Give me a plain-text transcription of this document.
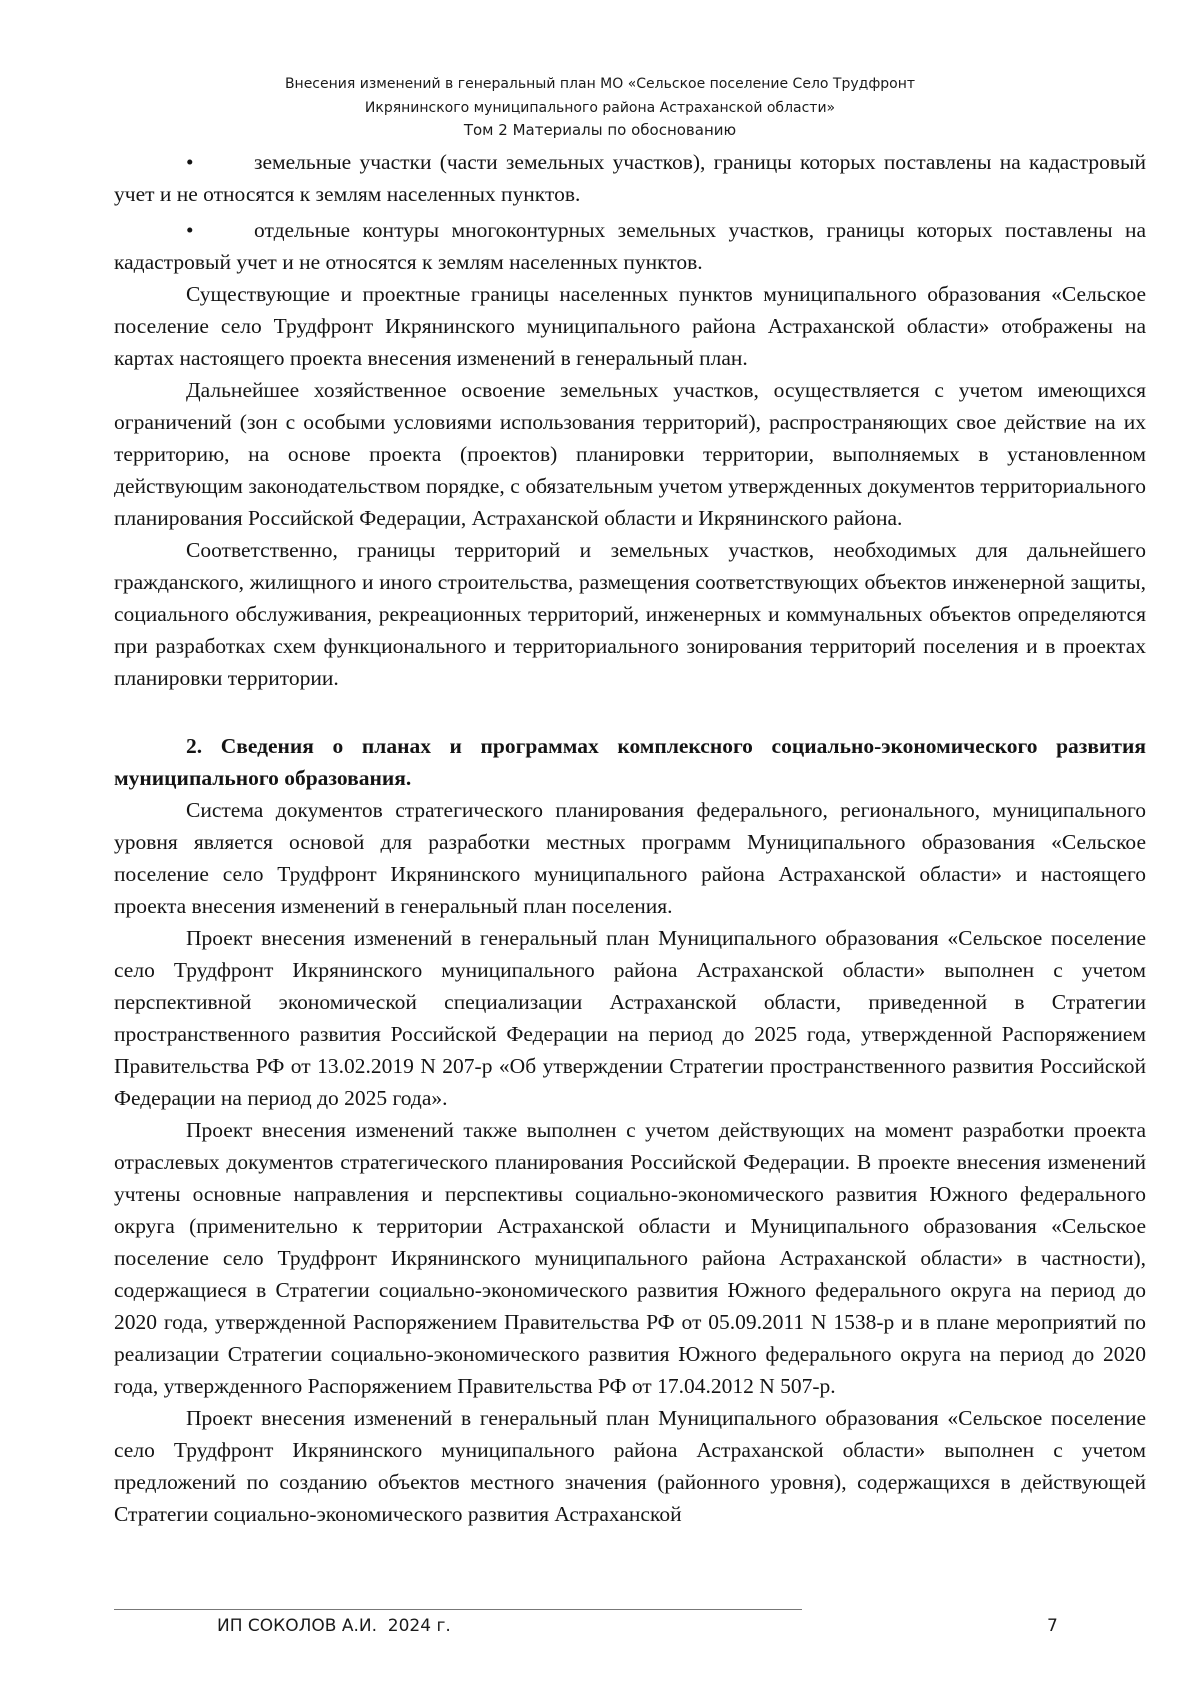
Внесения изменений в генеральный план МО «Сельское поселение Село Трудфронт
Икрянинского муниципального района Астраханской области»
Том 2 Материалы по обоснованию

•	земельные участки (части земельных участков), границы которых поставлены на кадастровый учет и не относятся к землям населенных пунктов.

•	отдельные контуры многоконтурных земельных участков, границы которых поставлены на кадастровый учет и не относятся к землям населенных пунктов.

Существующие и проектные границы населенных пунктов муниципального образования «Сельское поселение село Трудфронт Икрянинского муниципального района Астраханской области» отображены на картах настоящего проекта внесения изменений в генеральный план.

Дальнейшее хозяйственное освоение земельных участков, осуществляется с учетом имеющихся ограничений (зон с особыми условиями использования территорий), распространяющих свое действие на их территорию, на основе проекта (проектов) планировки территории, выполняемых в установленном действующим законодательством порядке, с обязательным учетом утвержденных документов территориального планирования Российской Федерации, Астраханской области и Икрянинского района.

Соответственно, границы территорий и земельных участков, необходимых для дальнейшего гражданского, жилищного и иного строительства, размещения соответствующих объектов инженерной защиты, социального обслуживания, рекреационных территорий, инженерных и коммунальных объектов определяются при разработках схем функционального и территориального зонирования территорий поселения и в проектах планировки территории.

2. Сведения о планах и программах комплексного социально-экономического развития муниципального образования.

Система документов стратегического планирования федерального, регионального, муниципального уровня является основой для разработки местных программ Муниципального образования «Сельское поселение село Трудфронт Икрянинского муниципального района Астраханской области» и настоящего проекта внесения изменений в генеральный план поселения.

Проект внесения изменений в генеральный план Муниципального образования «Сельское поселение село Трудфронт Икрянинского муниципального района Астраханской области» выполнен с учетом перспективной экономической специализации Астраханской области, приведенной в Стратегии пространственного развития Российской Федерации на период до 2025 года, утвержденной Распоряжением Правительства РФ от 13.02.2019 N 207-р «Об утверждении Стратегии пространственного развития Российской Федерации на период до 2025 года».

Проект внесения изменений также выполнен с учетом действующих на момент разработки проекта отраслевых документов стратегического планирования Российской Федерации. В проекте внесения изменений учтены основные направления и перспективы социально-экономического развития Южного федерального округа (применительно к территории Астраханской области и Муниципального образования «Сельское поселение село Трудфронт Икрянинского муниципального района Астраханской области» в частности), содержащиеся в Стратегии социально-экономического развития Южного федерального округа на период до 2020 года, утвержденной Распоряжением Правительства РФ от 05.09.2011 N 1538-р и в плане мероприятий по реализации Стратегии социально-экономического развития Южного федерального округа на период до 2020 года, утвержденного Распоряжением Правительства РФ от 17.04.2012 N 507-р.

Проект внесения изменений в генеральный план Муниципального образования «Сельское поселение село Трудфронт Икрянинского муниципального района Астраханской области» выполнен с учетом предложений по созданию объектов местного значения (районного уровня), содержащихся в действующей Стратегии социально-экономического развития Астраханской

ИП СОКОЛОВ А.И.  2024 г.	7
